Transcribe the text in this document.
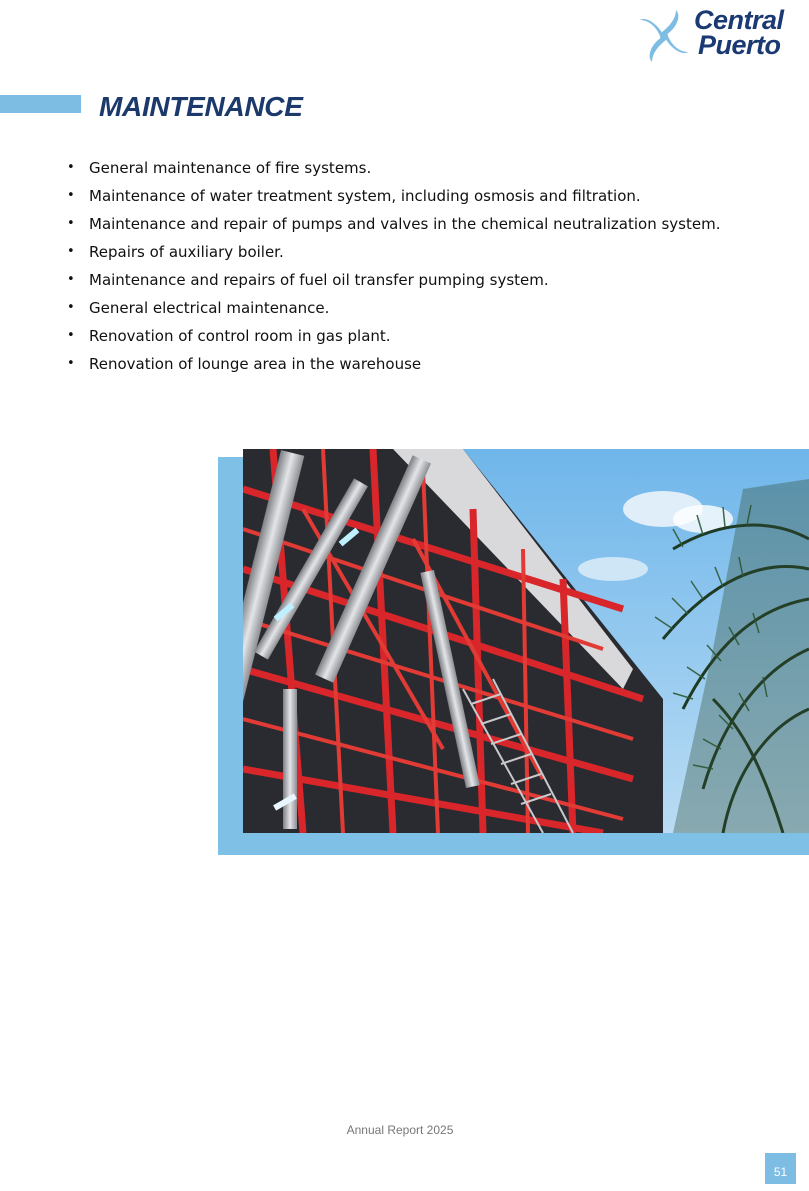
Central
Puerto
MAINTENANCE
• General maintenance of fire systems.
• Maintenance of water treatment system, including osmosis and filtration.
• Maintenance and repair of pumps and valves in the chemical neutralization system.
• Repairs of auxiliary boiler.
• Maintenance and repairs of fuel oil transfer pumping system.
• General electrical maintenance.
• Renovation of control room in gas plant.
• Renovation of lounge area in the warehouse
Annual Report 2025
51
